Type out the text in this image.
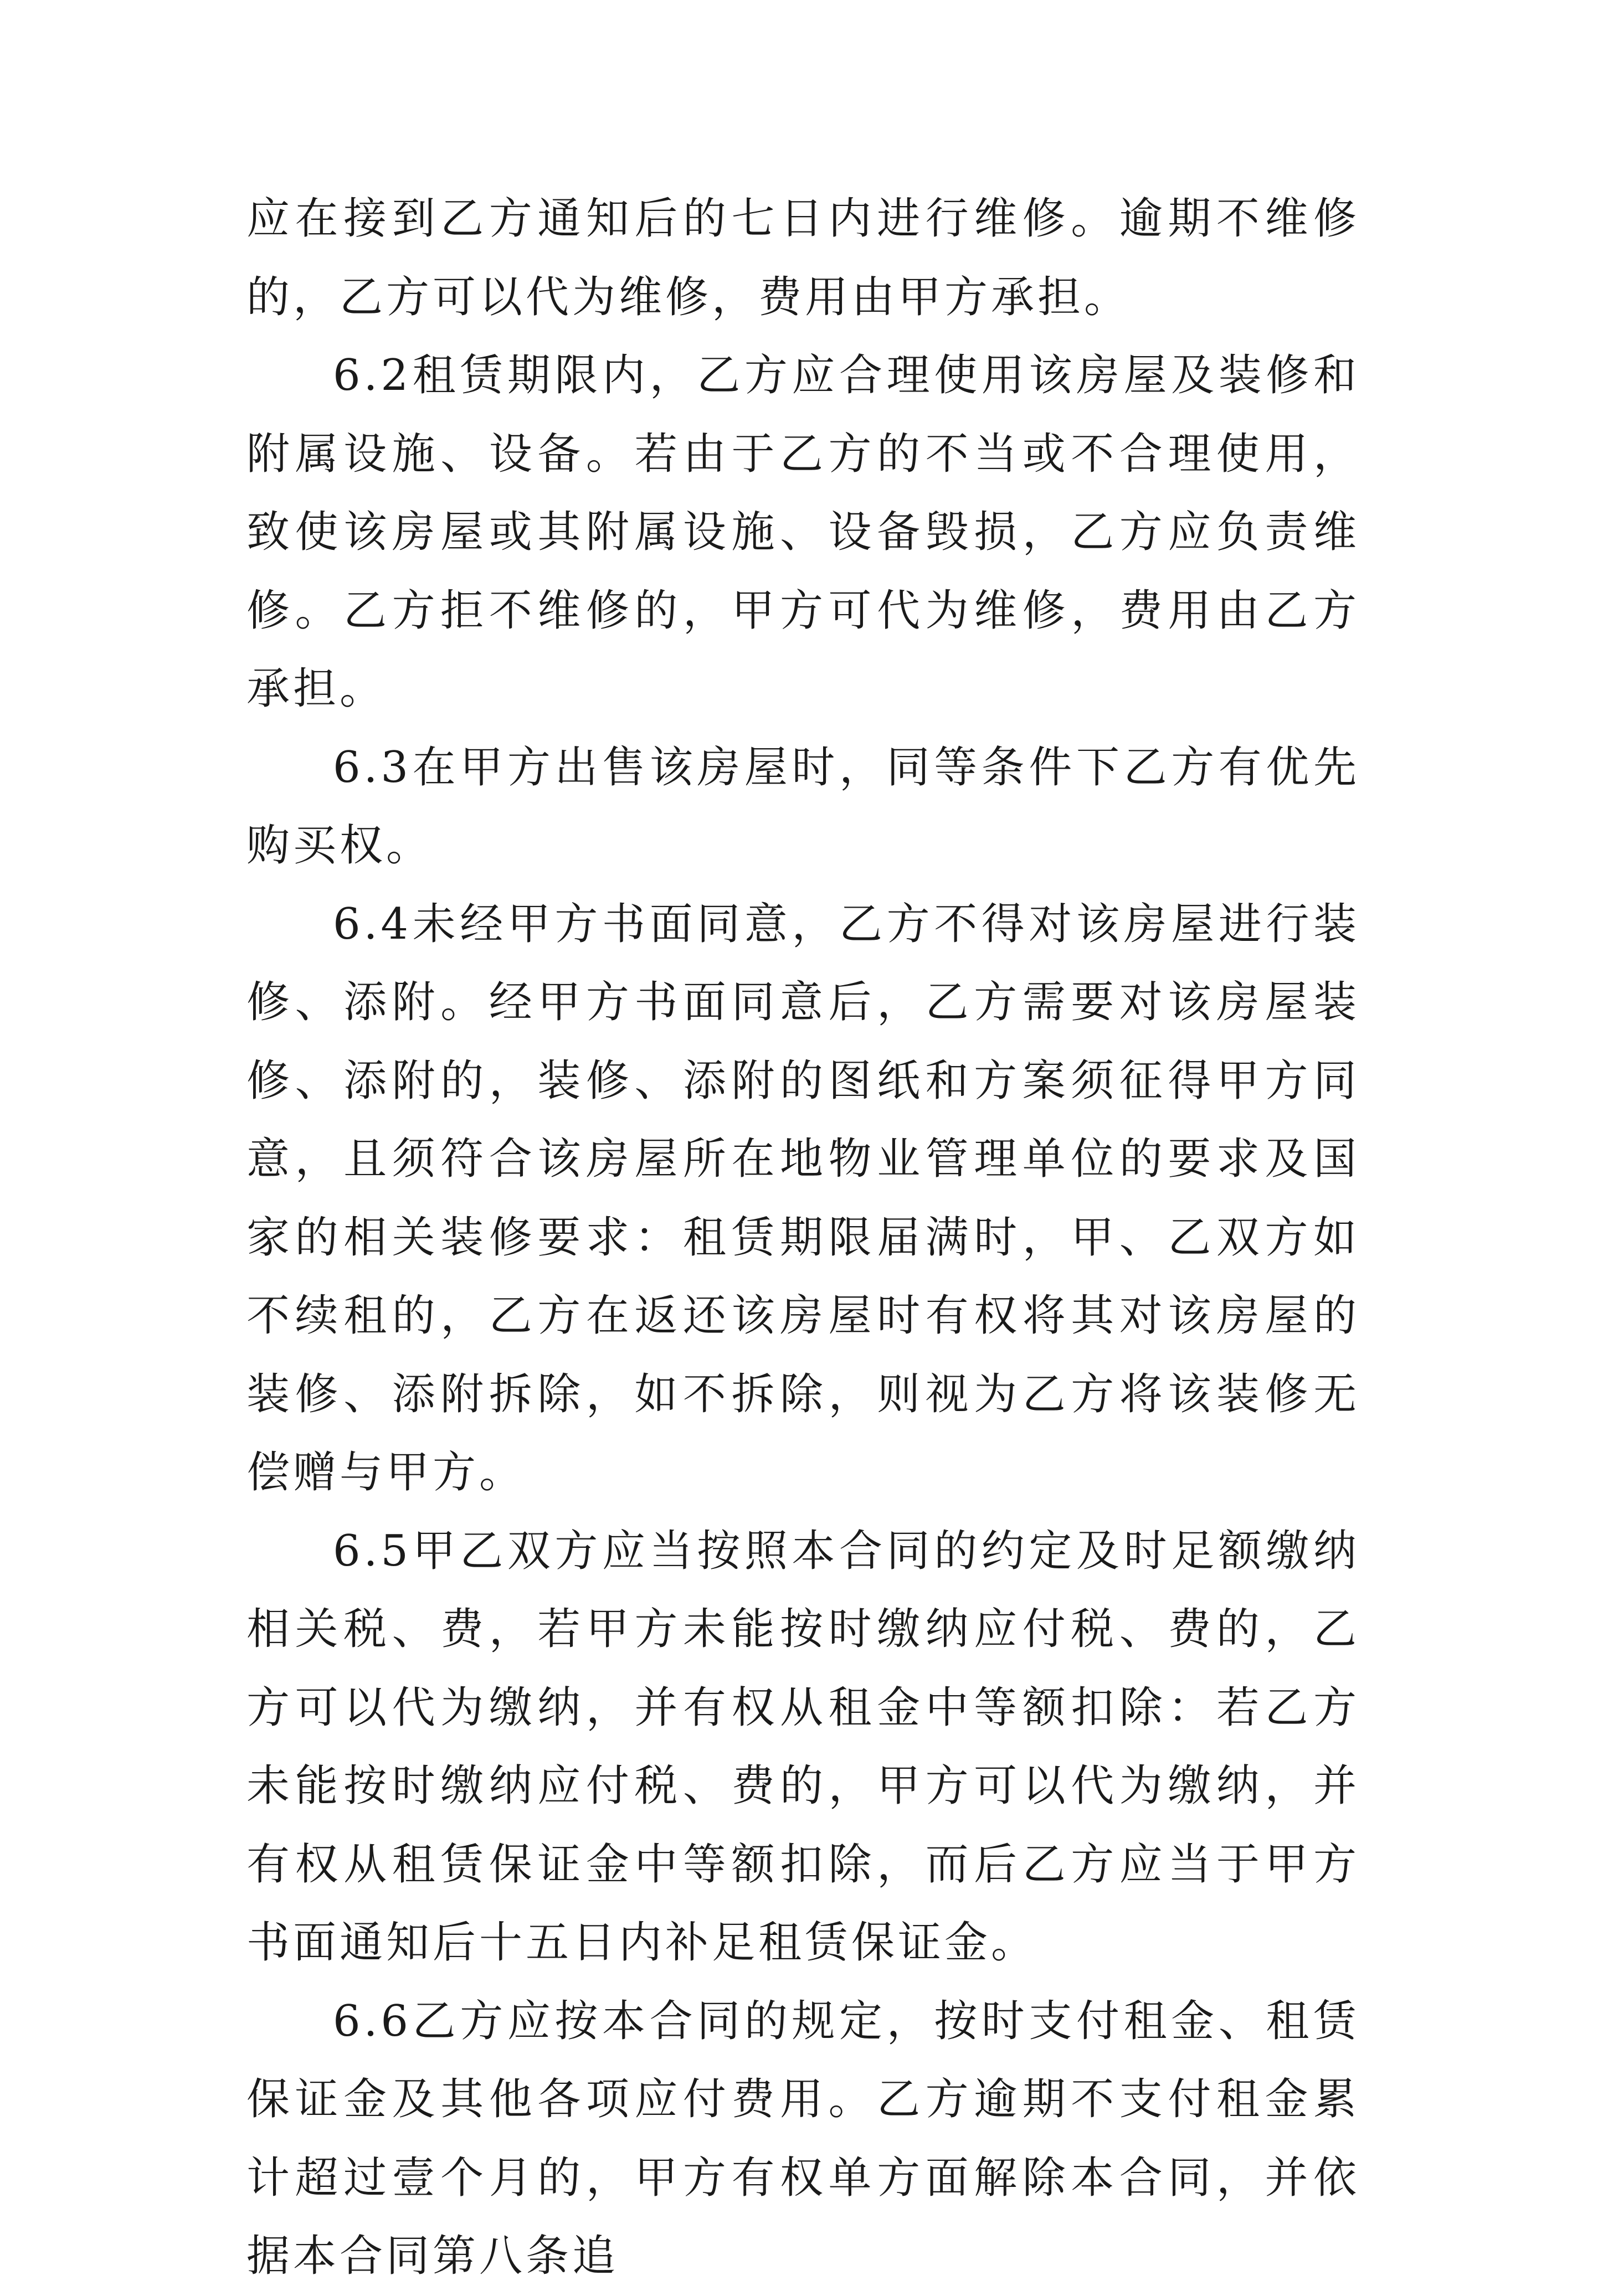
应在接到乙方通知后的七日内进行维修。逾期不维修的，乙方可以代为维修，费用由甲方承担。

6.2租赁期限内，乙方应合理使用该房屋及装修和附属设施、设备。若由于乙方的不当或不合理使用，致使该房屋或其附属设施、设备毁损，乙方应负责维修。乙方拒不维修的，甲方可代为维修，费用由乙方承担。

6.3在甲方出售该房屋时，同等条件下乙方有优先购买权。

6.4未经甲方书面同意，乙方不得对该房屋进行装修、添附。经甲方书面同意后，乙方需要对该房屋装修、添附的，装修、添附的图纸和方案须征得甲方同意，且须符合该房屋所在地物业管理单位的要求及国家的相关装修要求：租赁期限届满时，甲、乙双方如不续租的，乙方在返还该房屋时有权将其对该房屋的装修、添附拆除，如不拆除，则视为乙方将该装修无偿赠与甲方。

6.5甲乙双方应当按照本合同的约定及时足额缴纳相关税、费，若甲方未能按时缴纳应付税、费的，乙方可以代为缴纳，并有权从租金中等额扣除：若乙方未能按时缴纳应付税、费的，甲方可以代为缴纳，并有权从租赁保证金中等额扣除，而后乙方应当于甲方书面通知后十五日内补足租赁保证金。

6.6乙方应按本合同的规定，按时支付租金、租赁保证金及其他各项应付费用。乙方逾期不支付租金累计超过壹个月的，甲方有权单方面解除本合同，并依据本合同第八条追
